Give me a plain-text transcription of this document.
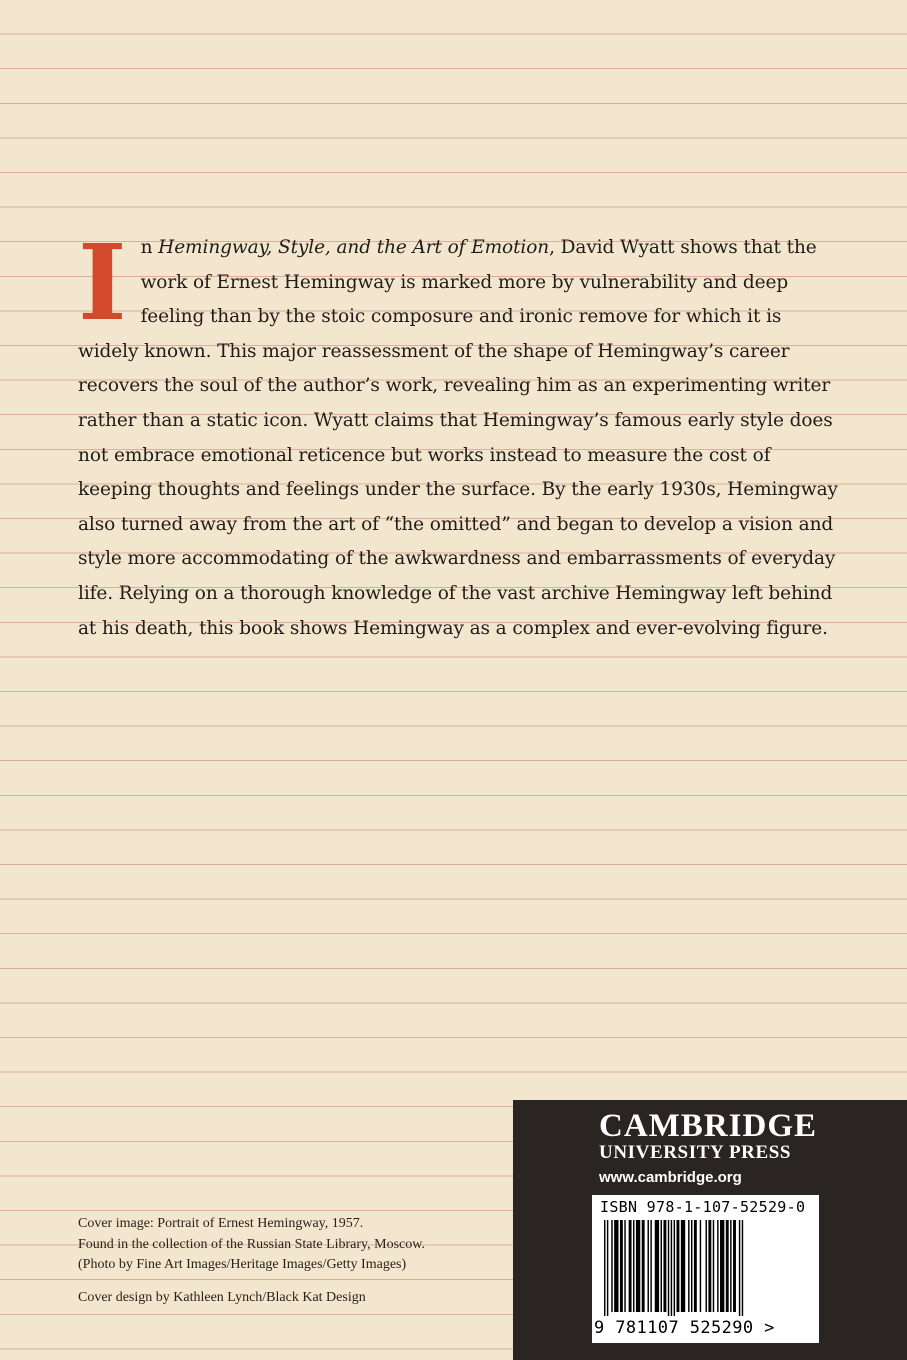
In Hemingway, Style, and the Art of Emotion, David Wyatt shows that the work of Ernest Hemingway is marked more by vulnerability and deep feeling than by the stoic composure and ironic remove for which it is widely known. This major reassessment of the shape of Hemingway’s career recovers the soul of the author’s work, revealing him as an experimenting writer rather than a static icon. Wyatt claims that Hemingway’s famous early style does not embrace emotional reticence but works instead to measure the cost of keeping thoughts and feelings under the surface. By the early 1930s, Hemingway also turned away from the art of “the omitted” and began to develop a vision and style more accommodating of the awkwardness and embarrassments of everyday life. Relying on a thorough knowledge of the vast archive Hemingway left behind at his death, this book shows Hemingway as a complex and ever-evolving figure.
Cover image: Portrait of Ernest Hemingway, 1957.
Found in the collection of the Russian State Library, Moscow.
(Photo by Fine Art Images/Heritage Images/Getty Images)
Cover design by Kathleen Lynch/Black Kat Design
CAMBRIDGE
UNIVERSITY PRESS
www.cambridge.org
ISBN 978-1-107-52529-0
9 781107 525290 >
